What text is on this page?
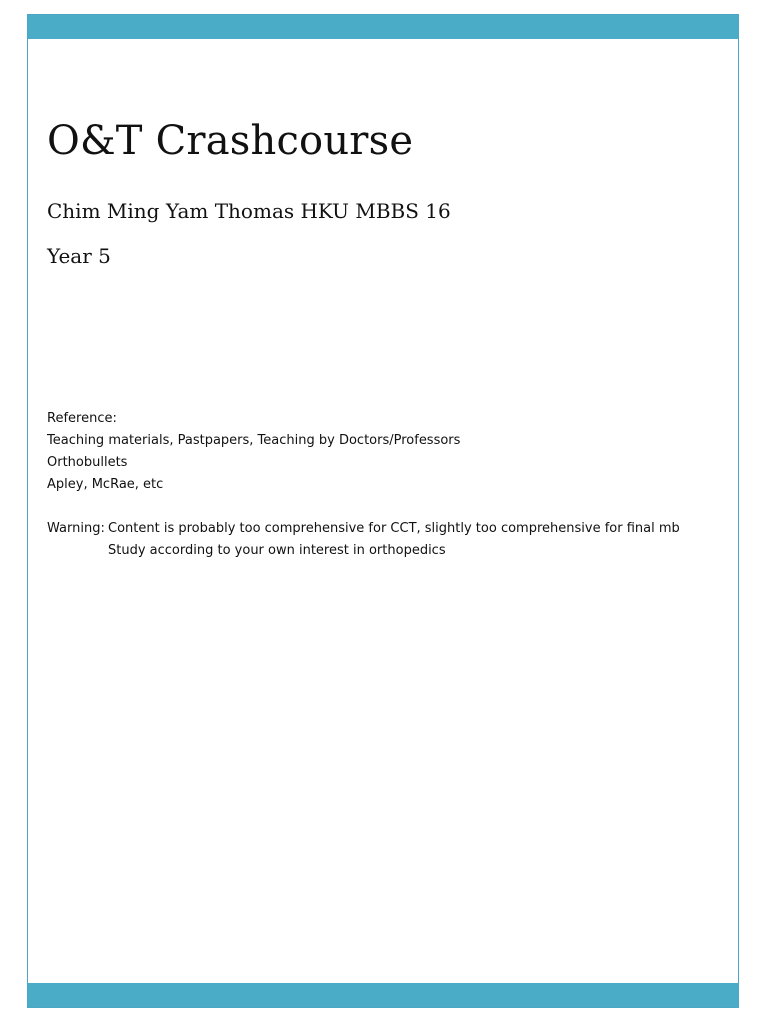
O&T Crashcourse
Chim Ming Yam Thomas HKU MBBS 16
Year 5
Reference:
Teaching materials, Pastpapers, Teaching by Doctors/Professors
Orthobullets
Apley, McRae, etc
Warning: Content is probably too comprehensive for CCT, slightly too comprehensive for final mb
Study according to your own interest in orthopedics
